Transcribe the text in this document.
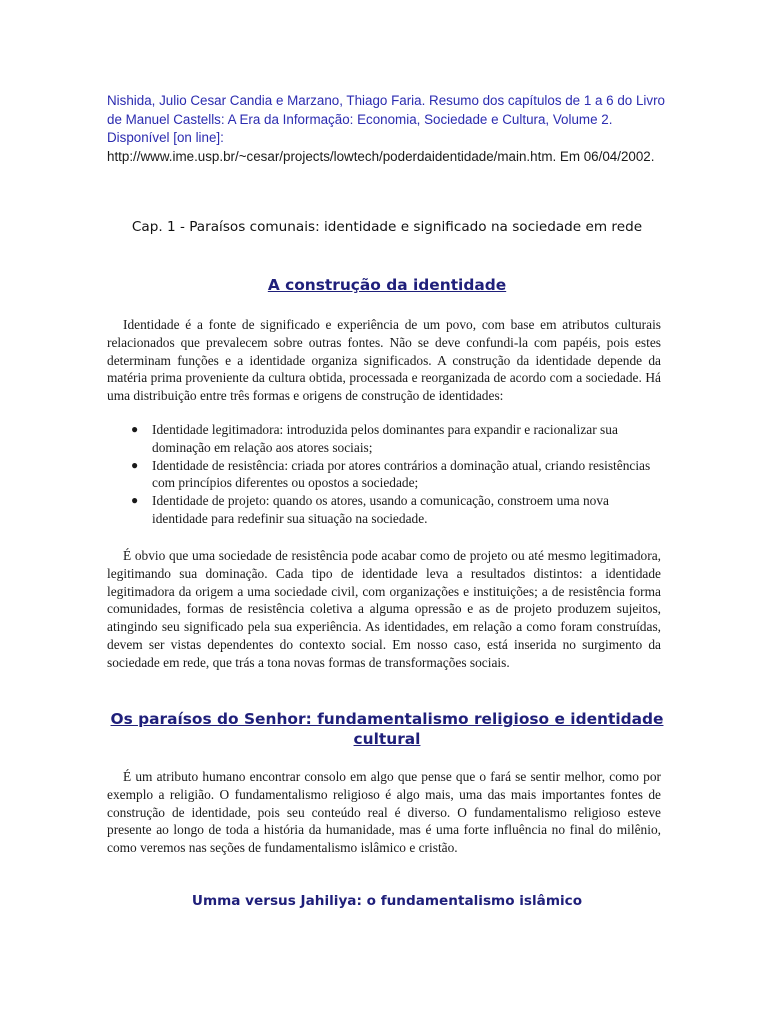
Nishida, Julio Cesar Candia e Marzano, Thiago Faria. Resumo dos capítulos de 1 a 6 do Livro de Manuel Castells: A Era da Informação: Economia, Sociedade e Cultura, Volume 2. Disponível [on line]:
http://www.ime.usp.br/~cesar/projects/lowtech/poderdaidentidade/main.htm. Em 06/04/2002.
Cap. 1 - Paraísos comunais: identidade e significado na sociedade em rede
A construção da identidade
Identidade é a fonte de significado e experiência de um povo, com base em atributos culturais relacionados que prevalecem sobre outras fontes. Não se deve confundi-la com papéis, pois estes determinam funções e a identidade organiza significados. A construção da identidade depende da matéria prima proveniente da cultura obtida, processada e reorganizada de acordo com a sociedade. Há uma distribuição entre três formas e origens de construção de identidades:
● Identidade legitimadora: introduzida pelos dominantes para expandir e racionalizar sua dominação em relação aos atores sociais;
● Identidade de resistência: criada por atores contrários a dominação atual, criando resistências com princípios diferentes ou opostos a sociedade;
● Identidade de projeto: quando os atores, usando a comunicação, constroem uma nova identidade para redefinir sua situação na sociedade.
É obvio que uma sociedade de resistência pode acabar como de projeto ou até mesmo legitimadora, legitimando sua dominação. Cada tipo de identidade leva a resultados distintos: a identidade legitimadora da origem a uma sociedade civil, com organizações e instituições; a de resistência forma comunidades, formas de resistência coletiva a alguma opressão e as de projeto produzem sujeitos, atingindo seu significado pela sua experiência. As identidades, em relação a como foram construídas, devem ser vistas dependentes do contexto social. Em nosso caso, está inserida no surgimento da sociedade em rede, que trás a tona novas formas de transformações sociais.
Os paraísos do Senhor: fundamentalismo religioso e identidade cultural
É um atributo humano encontrar consolo em algo que pense que o fará se sentir melhor, como por exemplo a religião. O fundamentalismo religioso é algo mais, uma das mais importantes fontes de construção de identidade, pois seu conteúdo real é diverso. O fundamentalismo religioso esteve presente ao longo de toda a história da humanidade, mas é uma forte influência no final do milênio, como veremos nas seções de fundamentalismo islâmico e cristão.
Umma versus Jahiliya: o fundamentalismo islâmico
